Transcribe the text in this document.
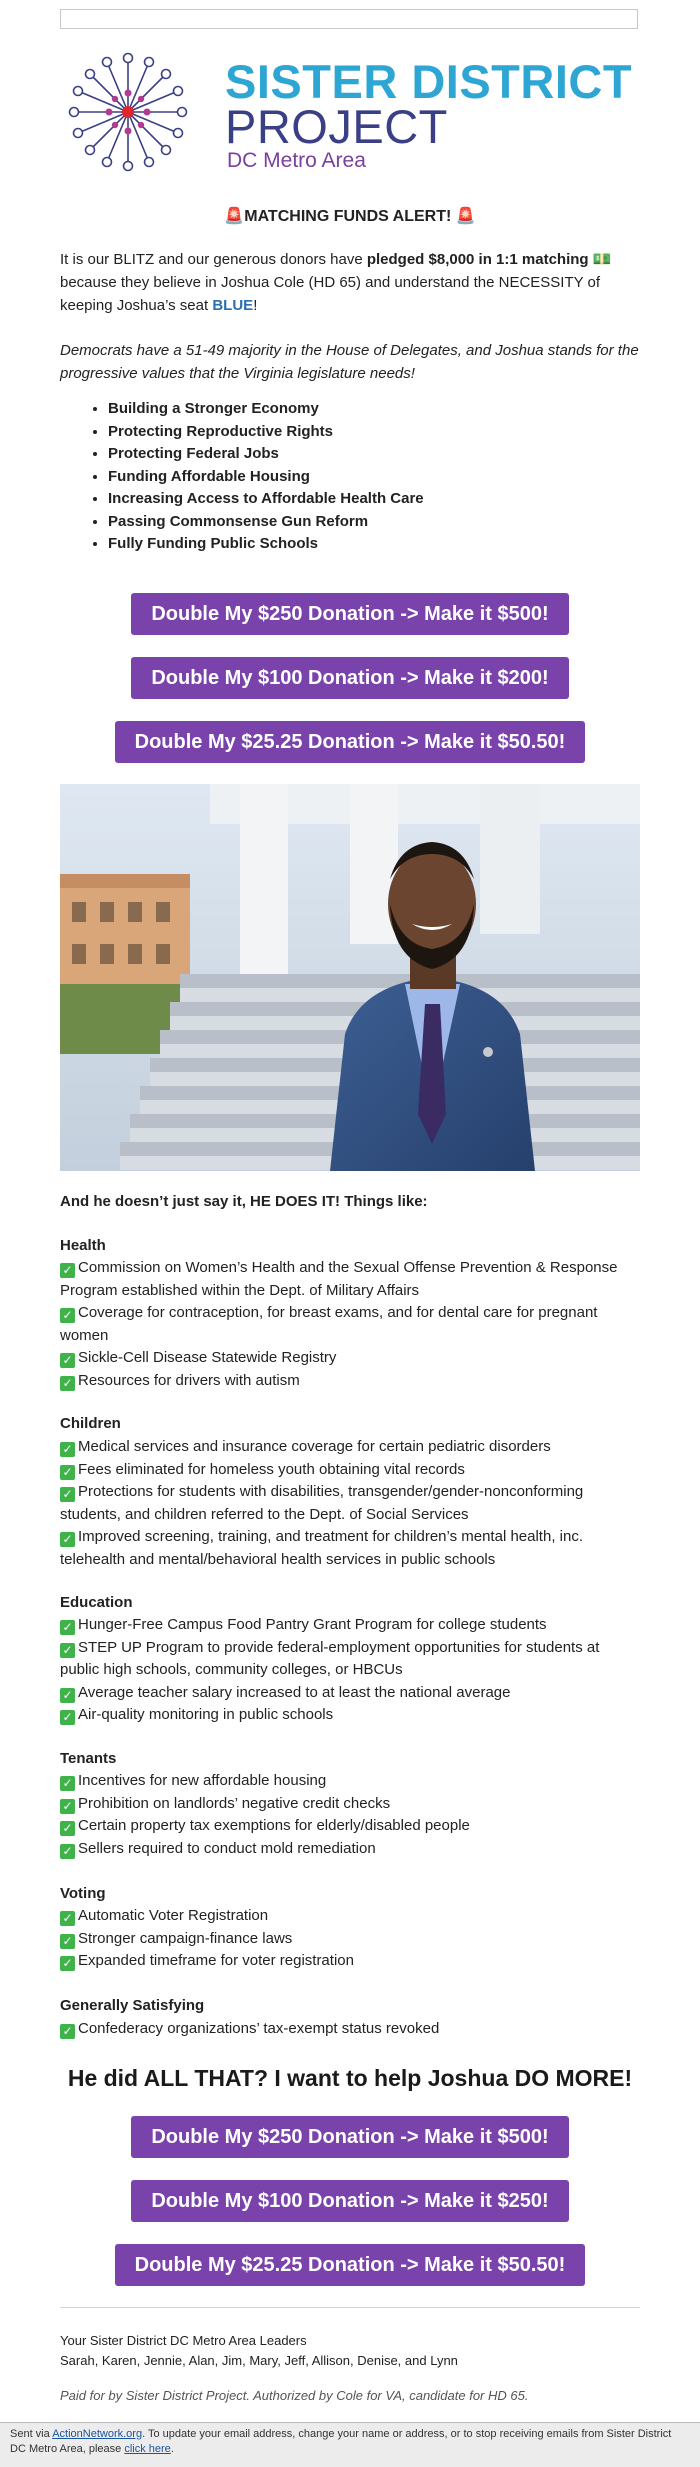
SISTER DISTRICT
PROJECT
DC Metro Area
🚨MATCHING FUNDS ALERT! 🚨

It is our BLITZ and our generous donors have pledged $8,000 in 1:1 matching 💵 because they believe in Joshua Cole (HD 65) and understand the NECESSITY of keeping Joshua’s seat BLUE!

Democrats have a 51-49 majority in the House of Delegates, and Joshua stands for the progressive values that the Virginia legislature needs!

• Building a Stronger Economy
• Protecting Reproductive Rights
• Protecting Federal Jobs
• Funding Affordable Housing
• Increasing Access to Affordable Health Care
• Passing Commonsense Gun Reform
• Fully Funding Public Schools
Double My $250 Donation -> Make it $500!
Double My $100 Donation -> Make it $200!
Double My $25.25 Donation -> Make it $50.50!
And he doesn’t just say it, HE DOES IT! Things like:
Health
✓ Commission on Women’s Health and the Sexual Offense Prevention & Response Program established within the Dept. of Military Affairs
✓ Coverage for contraception, for breast exams, and for dental care for pregnant women
✓ Sickle-Cell Disease Statewide Registry
✓ Resources for drivers with autism
Children
✓ Medical services and insurance coverage for certain pediatric disorders
✓ Fees eliminated for homeless youth obtaining vital records
✓ Protections for students with disabilities, transgender/gender-nonconforming students, and children referred to the Dept. of Social Services
✓ Improved screening, training, and treatment for children’s mental health, inc. telehealth and mental/behavioral health services in public schools
Education
✓ Hunger-Free Campus Food Pantry Grant Program for college students
✓ STEP UP Program to provide federal-employment opportunities for students at public high schools, community colleges, or HBCUs
✓ Average teacher salary increased to at least the national average
✓ Air-quality monitoring in public schools
Tenants
✓ Incentives for new affordable housing
✓ Prohibition on landlords’ negative credit checks
✓ Certain property tax exemptions for elderly/disabled people
✓ Sellers required to conduct mold remediation
Voting
✓ Automatic Voter Registration
✓ Stronger campaign-finance laws
✓ Expanded timeframe for voter registration
Generally Satisfying
✓ Confederacy organizations’ tax-exempt status revoked
He did ALL THAT? I want to help Joshua DO MORE!
Double My $250 Donation -> Make it $500!
Double My $100 Donation -> Make it $250!
Double My $25.25 Donation -> Make it $50.50!
Your Sister District DC Metro Area Leaders
Sarah, Karen, Jennie, Alan, Jim, Mary, Jeff, Allison, Denise, and Lynn
Paid for by Sister District Project. Authorized by Cole for VA, candidate for HD 65.
Sent via ActionNetwork.org. To update your email address, change your name or address, or to stop receiving emails from Sister District DC Metro Area, please click here.
